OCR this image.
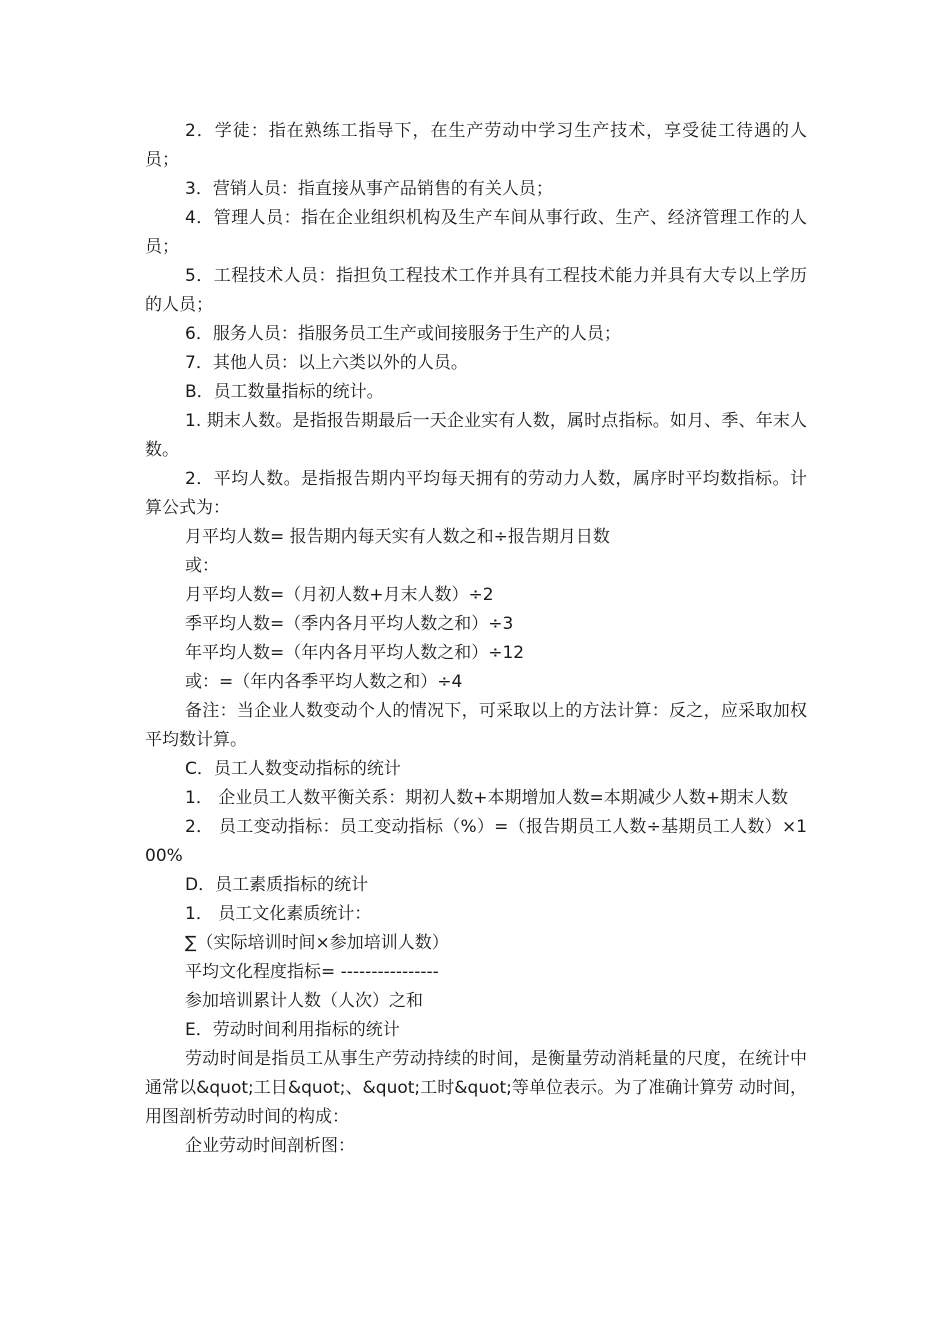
2．学徒：指在熟练工指导下，在生产劳动中学习生产技术，享受徒工待遇的人员；

3．营销人员：指直接从事产品销售的有关人员；

4．管理人员：指在企业组织机构及生产车间从事行政、生产、经济管理工作的人员；

5．工程技术人员：指担负工程技术工作并具有工程技术能力并具有大专以上学历的人员；

6．服务人员：指服务员工生产或间接服务于生产的人员；

7．其他人员：以上六类以外的人员。

B．员工数量指标的统计。

1. 期末人数。是指报告期最后一天企业实有人数，属时点指标。如月、季、年末人数。

2．平均人数。是指报告期内平均每天拥有的劳动力人数，属序时平均数指标。计算公式为：

月平均人数= 报告期内每天实有人数之和÷报告期月日数

或：

月平均人数=（月初人数+月末人数）÷2

季平均人数=（季内各月平均人数之和）÷3

年平均人数=（年内各月平均人数之和）÷12

或：=（年内各季平均人数之和）÷4

备注：当企业人数变动个人的情况下，可采取以上的方法计算：反之，应采取加权平均数计算。

C．员工人数变动指标的统计

1． 企业员工人数平衡关系：期初人数+本期增加人数=本期减少人数+期末人数

2． 员工变动指标：员工变动指标（%）=（报告期员工人数÷基期员工人数）×100%

D．员工素质指标的统计

1． 员工文化素质统计：

∑（实际培训时间×参加培训人数）

平均文化程度指标= ----------------

参加培训累计人数（人次）之和

E．劳动时间利用指标的统计

劳动时间是指员工从事生产劳动持续的时间，是衡量劳动消耗量的尺度，在统计中通常以&quot;工日&quot;、&quot;工时&quot;等单位表示。为了准确计算劳 动时间，用图剖析劳动时间的构成：

企业劳动时间剖析图：
